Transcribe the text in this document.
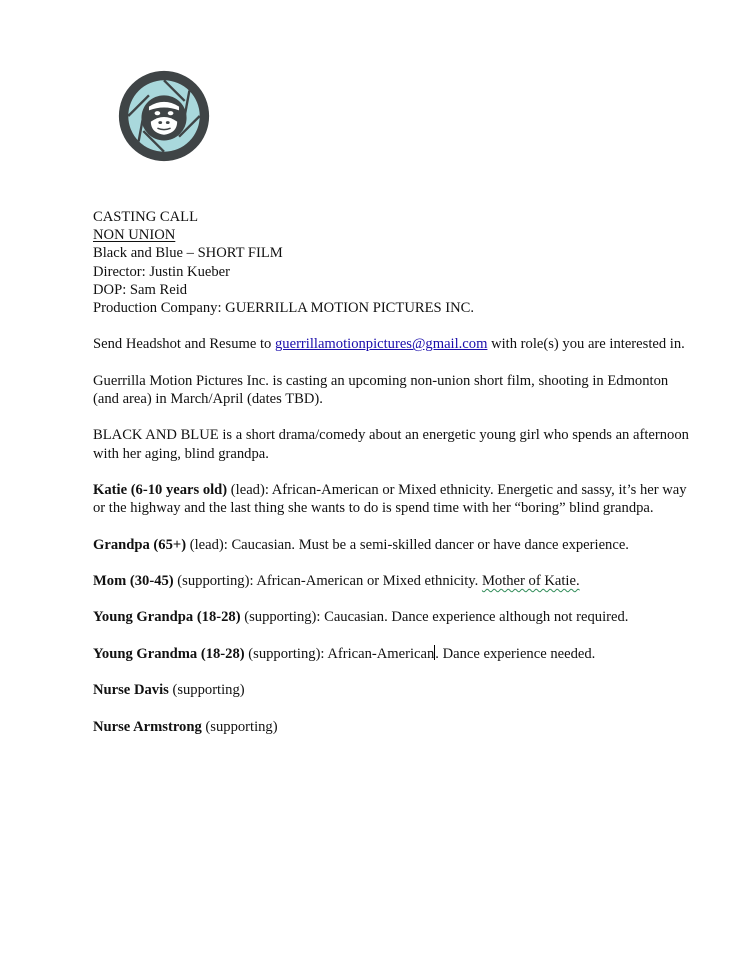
CASTING CALL

NON UNION

Black and Blue – SHORT FILM

Director: Justin Kueber

DOP: Sam Reid

Production Company: GUERRILLA MOTION PICTURES INC.

Send Headshot and Resume to guerrillamotionpictures@gmail.com with role(s) you are interested in.

Guerrilla Motion Pictures Inc. is casting an upcoming non-union short film, shooting in Edmonton (and area) in March/April (dates TBD).

BLACK AND BLUE is a short drama/comedy about an energetic young girl who spends an afternoon with her aging, blind grandpa.

Katie (6-10 years old) (lead): African-American or Mixed ethnicity. Energetic and sassy, it’s her way or the highway and the last thing she wants to do is spend time with her “boring” blind grandpa.

Grandpa (65+) (lead): Caucasian. Must be a semi-skilled dancer or have dance experience.

Mom (30-45) (supporting): African-American or Mixed ethnicity. Mother of Katie.

Young Grandpa (18-28) (supporting): Caucasian. Dance experience although not required.

Young Grandma (18-28) (supporting): African-American. Dance experience needed.

Nurse Davis (supporting)

Nurse Armstrong (supporting)
